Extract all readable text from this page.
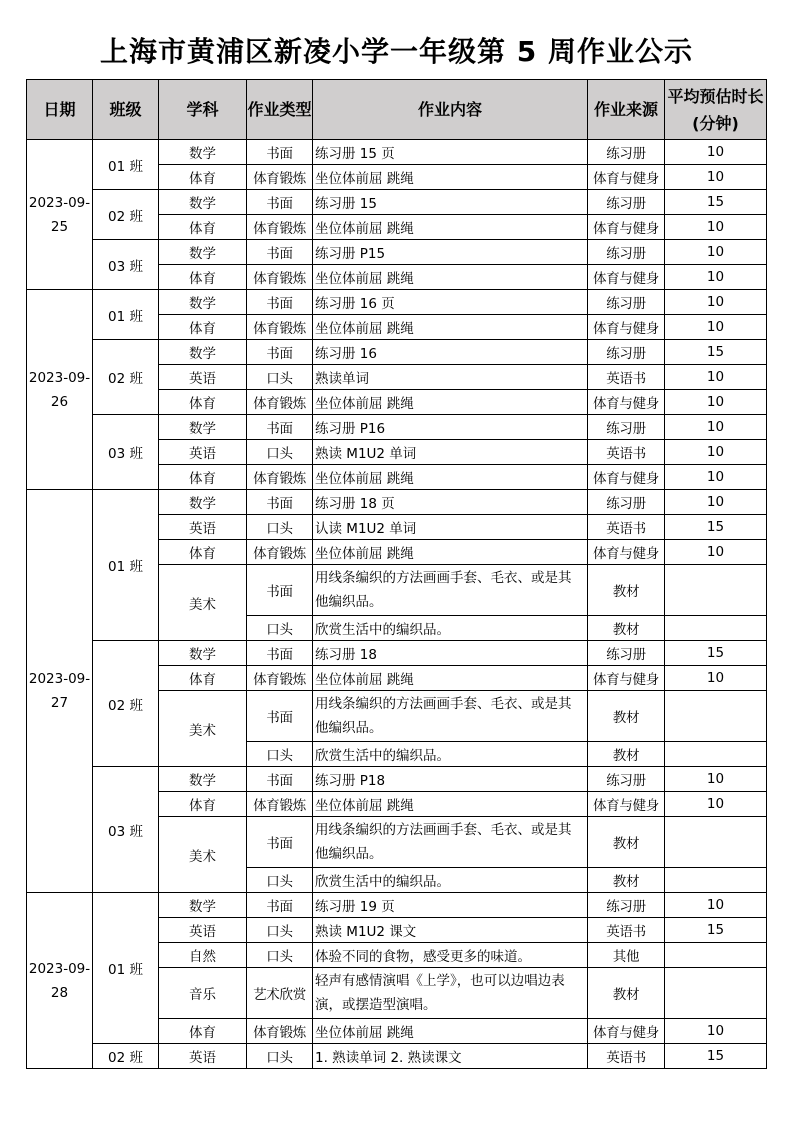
上海市黄浦区新凌小学一年级第 5 周作业公示
日期	班级	学科	作业类型	作业内容	作业来源	平均预估时长(分钟)
2023-09-25	01 班	数学	书面	练习册 15 页	练习册	10
		体育	体育锻炼	坐位体前屈 跳绳	体育与健身	10
	02 班	数学	书面	练习册 15	练习册	15
		体育	体育锻炼	坐位体前屈 跳绳	体育与健身	10
	03 班	数学	书面	练习册 P15	练习册	10
		体育	体育锻炼	坐位体前屈 跳绳	体育与健身	10
2023-09-26	01 班	数学	书面	练习册 16 页	练习册	10
		体育	体育锻炼	坐位体前屈 跳绳	体育与健身	10
	02 班	数学	书面	练习册 16	练习册	15
		英语	口头	熟读单词	英语书	10
		体育	体育锻炼	坐位体前屈 跳绳	体育与健身	10
	03 班	数学	书面	练习册 P16	练习册	10
		英语	口头	熟读 M1U2 单词	英语书	10
		体育	体育锻炼	坐位体前屈 跳绳	体育与健身	10
2023-09-27	01 班	数学	书面	练习册 18 页	练习册	10
		英语	口头	认读 M1U2 单词	英语书	15
		体育	体育锻炼	坐位体前屈 跳绳	体育与健身	10
		美术	书面	用线条编织的方法画画手套、毛衣、或是其他编织品。	教材	
			口头	欣赏生活中的编织品。	教材	
	02 班	数学	书面	练习册 18	练习册	15
		体育	体育锻炼	坐位体前屈 跳绳	体育与健身	10
		美术	书面	用线条编织的方法画画手套、毛衣、或是其他编织品。	教材	
			口头	欣赏生活中的编织品。	教材	
	03 班	数学	书面	练习册 P18	练习册	10
		体育	体育锻炼	坐位体前屈 跳绳	体育与健身	10
		美术	书面	用线条编织的方法画画手套、毛衣、或是其他编织品。	教材	
			口头	欣赏生活中的编织品。	教材	
2023-09-28	01 班	数学	书面	练习册 19 页	练习册	10
		英语	口头	熟读 M1U2 课文	英语书	15
		自然	口头	体验不同的食物，感受更多的味道。	其他	
		音乐	艺术欣赏	轻声有感情演唱《上学》，也可以边唱边表演，或摆造型演唱。	教材	
		体育	体育锻炼	坐位体前屈 跳绳	体育与健身	10
	02 班	英语	口头	1. 熟读单词 2. 熟读课文	英语书	15
